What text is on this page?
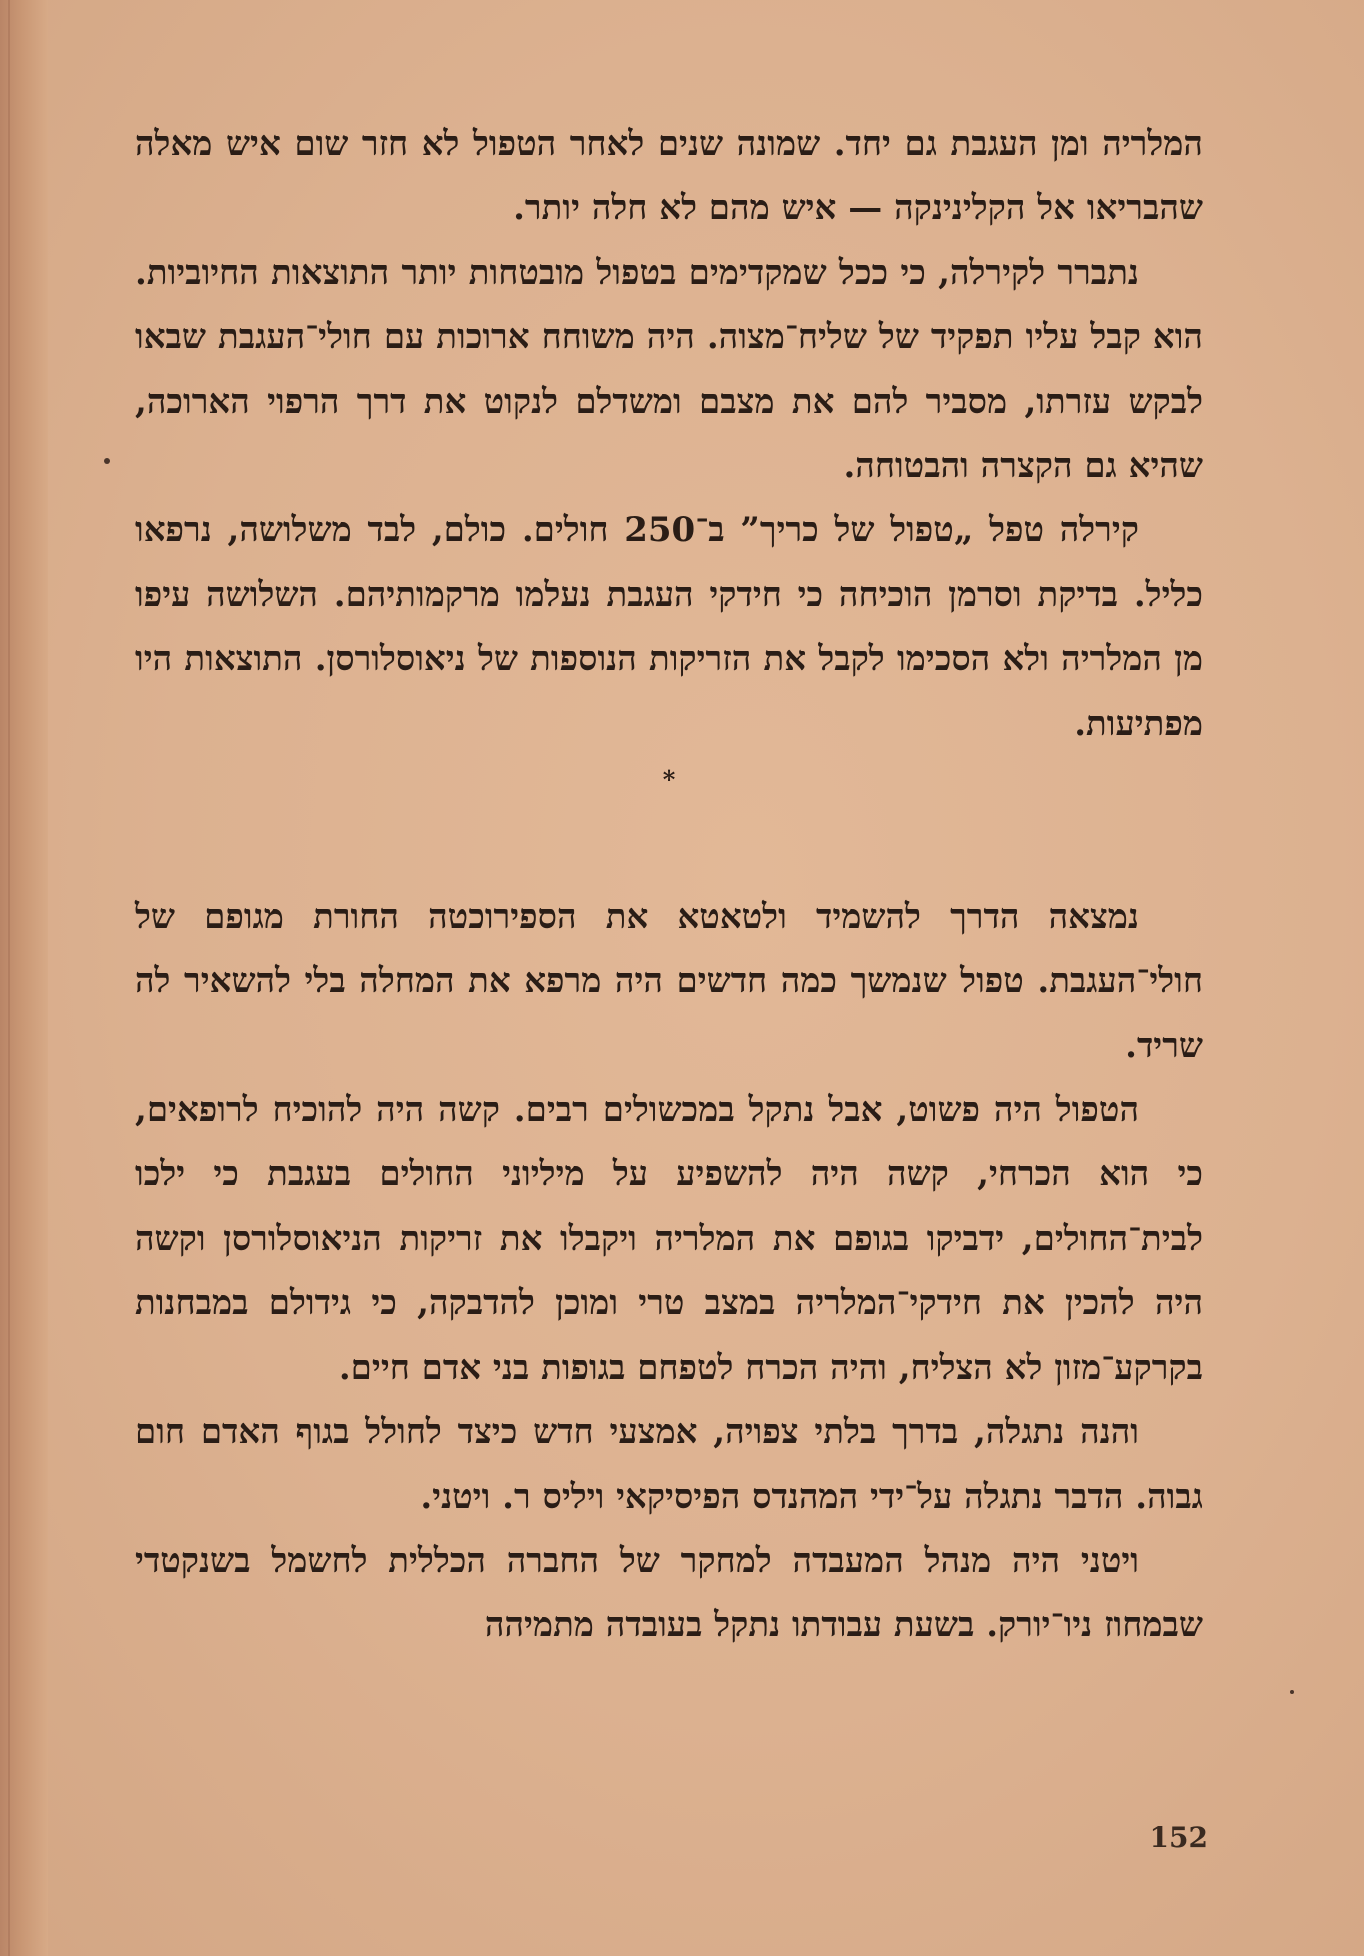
המלריה ומן העגבת גם יחד. שמונה שנים לאחר הטפול לא חזר שום איש מאלה שהבריאו אל הקלינינקה — איש מהם לא חלה יותר.

נתברר לקירלה, כי ככל שמקדימים בטפול מובטחות יותר התוצאות החיוביות. הוא קבל עליו תפקיד של שליח־מצוה. היה משוחח ארוכות עם חולי־העגבת שבאו לבקש עזרתו, מסביר להם את מצבם ומשדלם לנקוט את דרך הרפוי הארוכה, שהיא גם הקצרה והבטוחה.

קירלה טפל „טפול של כריך” ב־250 חולים. כולם, לבד משלושה, נרפאו כליל. בדיקת וסרמן הוכיחה כי חידקי העגבת נעלמו מרקמותיהם. השלושה עיפו מן המלריה ולא הסכימו לקבל את הזריקות הנוספות של ניאוסלורסן. התוצאות היו מפתיעות.

*

נמצאה הדרך להשמיד ולטאטא את הספירוכטה החורת מגופם של חולי־העגבת. טפול שנמשך כמה חדשים היה מרפא את המחלה בלי להשאיר לה שריד.

הטפול היה פשוט, אבל נתקל במכשולים רבים. קשה היה להוכיח לרופאים, כי הוא הכרחי, קשה היה להשפיע על מיליוני החולים בעגבת כי ילכו לבית־החולים, ידביקו בגופם את המלריה ויקבלו את זריקות הניאוסלורסן וקשה היה להכין את חידקי־המלריה במצב טרי ומוכן להדבקה, כי גידולם במבחנות בקרקע־מזון לא הצליח, והיה הכרח לטפחם בגופות בני אדם חיים.

והנה נתגלה, בדרך בלתי צפויה, אמצעי חדש כיצד לחולל בגוף האדם חום גבוה. הדבר נתגלה על־ידי המהנדס הפיסיקאי ויליס ר. ויטני.

ויטני היה מנהל המעבדה למחקר של החברה הכללית לחשמל בשנקטדי שבמחוז ניו־יורק. בשעת עבודתו נתקל בעובדה מתמיהה

152
